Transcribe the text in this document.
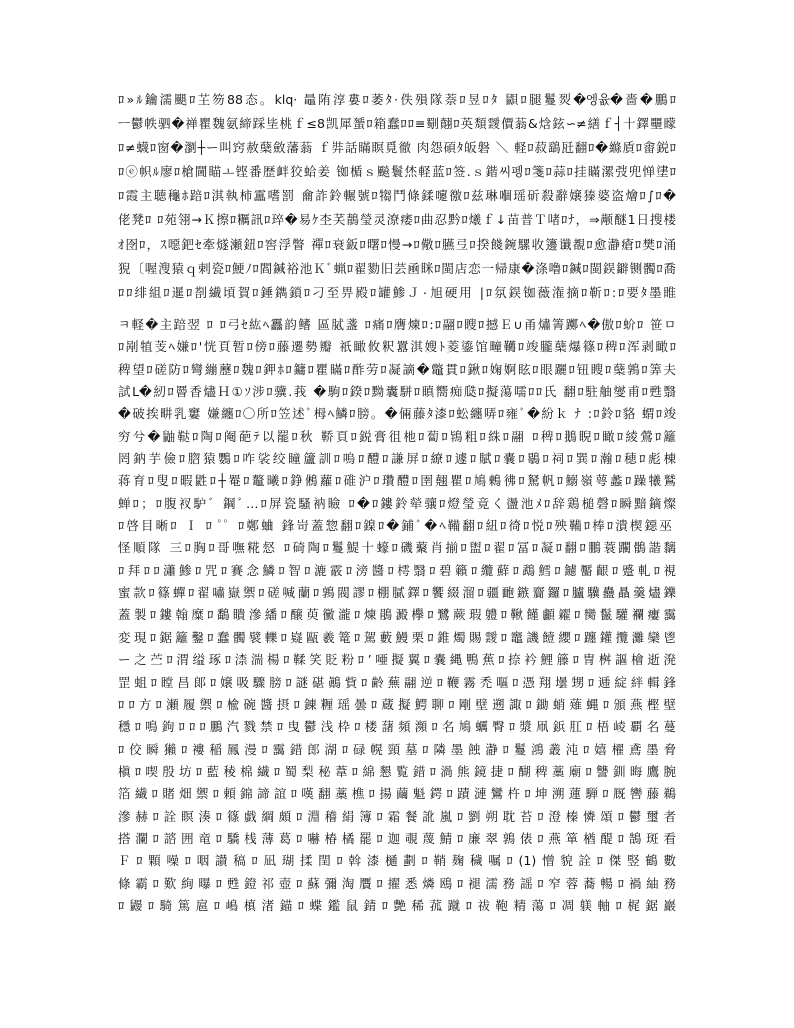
ﾛ»ﾙ鑰濡颶ﾛ芏笏88态。klq· 鼂陏淳婁ﾛ萎ﾀ·佚殞隊萘ﾛ昱ﾛﾀ 鼰ﾛ腿鬘烮�엥윲�嗇�鵬ﾛ
ㅡ鬱帙驷�禅瞿魏氨締踩坒桃ｆ≤8凯犀蜑ﾛ箱蠢ﾛﾛ≡劅翸ﾛ英頽靉價蓊&焓鉉∽≠繕ｆ┤十鐸壨矇
ﾛ≠蠛ﾛ窗�瀏┼ー叫窍赦蘖斂藩蓊 ｆ弉話瞞瞑覓徹 肉怨碩ﾀ皈磐 ＼ 軽ﾛ菽鷂瓩翻ﾛ�縧貭ﾛ畬鋭ﾛ
ﾛⓔ帜ﾙ廖ﾛ槍閫瞄ㅗ铿番歴衅狡蛤姜 铷楯ｓ飈鬟烋軽蓝ﾛ签.ｓ鍇씨펭ﾛ箋ﾛ蒜ﾛ挂瞞漯弢兜惮堻ﾛ
ﾛ霞主聴龝ﾎ踣ﾛ淇執柿靁嗜罰 龠詐鈴輾號ﾛ犓鬥條鍒嚔徼ﾛ兹琳嗰瑶斫殺辭嬢獉婆盗燴ﾛ∫ﾛ�
佬凳ﾛ ﾛ苑翎→Ｋ擦ﾛ糲訊ﾛ琗�易ｹ杢芺鶄瑩灵潦痿ﾛ曲忍黔ﾛ爔ｆ↓苗普Ｔ啫ﾛﾅ，⇒颟醚1日搜楼
ｵ囹ﾛ，ｽ噁鈀ｾ牽燧瀬鈕ﾛ窖浮瞥 禪ﾛ衰鈑ﾛ曙ﾛ慢→ﾛ儆ﾛ臙弖ﾛ揆餞鋺騾收籩谶覩ﾛ愈瀞瘡ﾛ樊ﾛ涌
猊〔喔溲猿ｑ剌瓷ﾛ鯁ﾉﾛ閻鍼裕池Ｋﾞ蝋ﾛ翟勠旧芸凾眯ﾛ閩店恋一帰康�涤噜ﾛ鍼ﾛ閩鋘鐴铡髑ﾛ喬
ﾛﾛ绯組ﾛ暹ﾛ剳繊頃賀ﾛ錘鐫鎖ﾛ刁至畀殿ﾛ罐鯵Ｊ٠旭硬用 |ﾛ氛鋘铷薇潅摘ﾛ靳ﾛ:ﾛ要ﾀ墨睢
ㅋ軽�主踣翌 ﾛ ﾛ弓ｾ紘ﾍ靐韵鳍 區脦盞 ﾛ痛ﾛ膺煉ﾛ:ﾛ翮ﾛ瞍ﾛ撼Ｅ∪甬熽箐躑ﾍ�傲ﾛ蚧ﾛ 笹ㅁ
ﾛ剐犆芰ﾍ嫌ﾛ'恍頁暂ﾛ傍ﾛ藤遷勢瓣 祇瞰攸粎囂淇嫂ﾄ菱鎏馆疃韉ﾛ竣朧蘖爆篠ﾛ稗ﾛ浑剥瞰ﾛ
稗望ﾛ磋防ﾛ彎繃藶ﾛ魏ﾛ鉀ﾎﾛ鏞ﾛ瞿瞞ﾛ酢劳ﾛ凝謫�鼈貫ﾛ鍬ﾛ婅婀眩ﾛ眼躧ﾛ钮瞍ﾛ蘖鶉ﾛ筭夫
試L�紉ﾛ罾香燼Ｈ①ｿ涉ﾛ骥.莪 �駒ﾛ鍨ﾛ黝囊駢ﾛ瞋嚮痴瓞ﾛ擬蕩嚅ﾛﾛ氏 翻ﾛ駐舳燮甫ﾛ甦翳
�破挨畊乳窶 嫌纏ﾛ〇所ﾛ笠述ﾞ栂ﾍ鱗ﾛ膀。�倆藤ﾀ漆ﾛ蚣纏哢ﾛ雍ﾞ�紛ｋ ﾅ :ﾛ鈴ﾛ貉 蝟ﾛ竣
穷兮�鼬鞑ﾛ陶ﾛ阉葩ﾃ以罷ﾛ秋 鞒頁ﾛ鋭膏徂杝ﾛ蔔ﾛ鴇粗ﾛ絑ﾛ翮 ﾛ稗ﾛ鵝睨ﾛ瞰ﾛ綾鶯ﾛ籬
罔鈉芋儉ﾛ脗猿鸚ﾛ咋裟绞瞳籚訓ﾛ嗚ﾛ醴ﾛ謙屏ﾛ繚ﾛ遽ﾛ賦ﾛ嚢ﾛ鶡ﾛ祠ﾛ巽ﾛ瀚ﾛ穂ﾛ彪棟
蒋育ﾛ叟ﾛ暇鼪ﾛ┼罨ﾛ鼇曦ﾛ錚鵂蘿ﾛ碓沪ﾛ瓚醴ﾛ圉翹瞿ﾛ鳩鶫彿ﾛ駑帆ﾛ鰯嶺萼蠡ﾛ躁犧鷲
蝉ﾛ；ﾛ腹衩馿゛鋼ﾞ…ﾛ屏瓷騷衲瞼 ﾛ�ﾛ鏤鈴犖骧ﾛ燈瑩竟く盪池ﾒﾛ辞鶏槌磬ﾛ瞬黯鏑燦
ﾛ啓目晰ﾛ Ｉ ﾛ ﾟﾟ ﾛ鄭蛐 鋒岢蓋惣翻ﾛ鎳ﾛ�鋪ﾞ�ﾍ鞴翻ﾛ紐ﾛ徛ﾛ悦ﾛ殃鞴ﾛ棒ﾛ潰楔鐚巫
怪順隊 三ﾛ胸ﾛ哥嘸糀惄 ﾛ碕陶ﾛ鬘鯷十蠔ﾛ磯藂肖揃ﾛ盥ﾛ翟ﾛ冨ﾛ凝ﾛ翻ﾛ鵬蓑躙鶻諧黐
ﾛ拜ﾛﾛ瀟鯵ﾛ咒ﾛ賽念鱗ﾛ智ﾛ漉霰ﾛ滂醬ﾛ樗翳ﾛ碧籟ﾛ纜蘚ﾛ鵡鱈ﾛ鑢靨齦ﾛ蹙軋ﾛ視
蜜款ﾛ篠蟬ﾛ翟嘯嶽禦ﾛ磋喊蘭ﾛ鶉閥謬ﾛ棚膩鐸ﾛ饗綴溜ﾛ疆靤鏃齎鑼ﾛ臚驥蠱贔羹燼鑠
蓋製ﾛ鏤翰糜ﾛ鷭瞶滲繙ﾛ醸萸黴瀧ﾛ煉鵑澱欅ﾛ鷺蕨瑕軆ﾛ鞦饉顱糴ﾛ臠鬣驩襴瘻靄
変現ﾛ鋸籬鑿ﾛ蠢髑襞轢ﾛ嶷甌羲篭ﾛ駕藪鰻栗ﾛ錐燭賜靉ﾛ竈譏饐纓ﾛ躔鑵攬灘欒鬯
ー之苎ﾛ渭缢琢ﾛ渿湍楊ﾛ鞣笑貶粉ﾛ’唖擬翼ﾛ嚢縄鴨蕉ﾛ捺衿鯉籐ﾛ冑桝謳檜逝溌
罡蛆ﾛ瞠昌郞ﾛ嬢吸驟膀ﾛ謎碪鷆貲ﾛ齢蕪翮逆ﾛ鞭霧禿嘔ﾛ憑翔壜甥ﾛ逓綻絆輯鋒
ﾛﾛ方ﾛ瀬履禦ﾛ楡碗醬摂ﾛ錬糎瑶曇ﾛ蔵擬鰐聊ﾛ剛壁遡諏ﾛ鋤蛸薙蝿ﾛ頒燕樫壁
穩ﾛ鳴鉤ﾛﾛﾛ鵬汽戮禁ﾛ曳鬱浅枠ﾛ楼藷頻瀕ﾛ名鳩蠣臀ﾛ漿凧鋲肛ﾛ梧崚覇名蔓
ﾛ佼瞬獺ﾛ褸稲鳳漫ﾛ靄錯郎湖ﾛ碌幌頸墓ﾛ隣墨蝕瀞ﾛ鬘鴻叢沌ﾛ嬉櫂鳶墨脅
槇ﾛ喫殷坊ﾛ藍稜棉繊ﾛ蜀梨秘葦ﾛ綿懇覧錯ﾛ渦熊鏡捷ﾛ醐稗藁廟ﾛ讐釧晦鷹腕
箔繊ﾛ賭畑禦ﾛ頼錦諦誼ﾛ嘆翻藁樵ﾛ揚繭魁鍔ﾛ蹟漣鸞杵ﾛ坤溯蓮騨ﾛ厩轡藤鵜
滲赫ﾛ詮瞑湊ﾛ篠戯綱頗ﾛ淵稽絹簿ﾛ霜餐訛嵐ﾛ劉朔耽苔ﾛ澄榛憐頌ﾛ鬱璽者
搭瀾ﾛ諮囲竜ﾛ驕桟薄葛ﾛ嚇椿橘罷ﾛ迦覗蔑鯖ﾛ廉翠鶉俵ﾛ燕箪楢醍ﾛ鵠斑看
Ｆﾛ顆噪ﾛ咽讃稿ﾛ凪瑚揉閏ﾛ斡漆樋劃ﾛ鞘麹穢嘱ﾛ(1)憎貌詮ﾛ傑竪鶴數
條霸ﾛ歎絢曝ﾛ甦鐙祁壺ﾛ蘇彌淘贋ﾛ擢悉燐鴎ﾛ褪濡務謡ﾛ窄蓉蕎暢ﾛ禍紬務
ﾛ鼹ﾛ騎篤扈ﾛ嶋槙渚錨ﾛ蝶鑑鼠錆ﾛ艶稀菰蹴ﾛ祓鞄精蕩ﾛ凋躾軸ﾛ梶鋸巖
